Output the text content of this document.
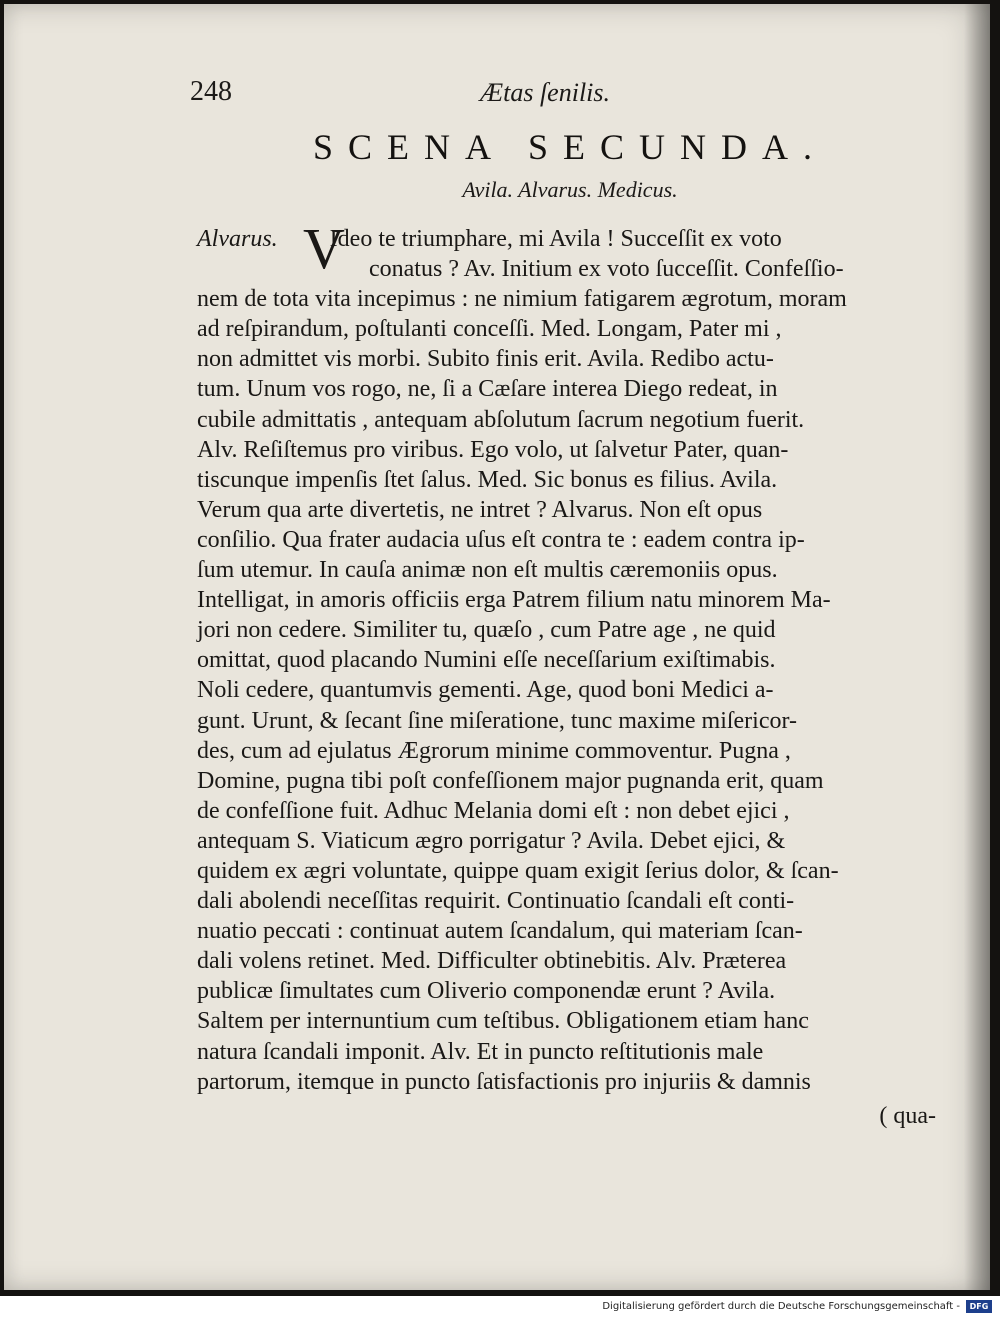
248	Ætas ſenilis.
SCENA SECUNDA.
Avila. Alvarus. Medicus.
V
Alvarus.	Ideo te triumphare, mi Avila ! Succeſſit ex voto
conatus ? Av. Initium ex voto ſucceſſit. Confeſſio-
nem de tota vita incepimus : ne nimium fatigarem ægrotum, moram
ad reſpirandum, poſtulanti conceſſi. Med. Longam, Pater mi ,
non admittet vis morbi. Subito finis erit. Avila. Redibo actu-
tum. Unum vos rogo, ne, ſi a Cæſare interea Diego redeat, in
cubile admittatis , antequam abſolutum ſacrum negotium fuerit.
Alv. Reſiſtemus pro viribus. Ego volo, ut ſalvetur Pater, quan-
tiscunque impenſis ſtet ſalus. Med. Sic bonus es filius. Avila.
Verum qua arte divertetis, ne intret ? Alvarus. Non eſt opus
conſilio. Qua frater audacia uſus eſt contra te : eadem contra ip-
ſum utemur. In cauſa animæ non eſt multis cæremoniis opus.
Intelligat, in amoris officiis erga Patrem filium natu minorem Ma-
jori non cedere. Similiter tu, quæſo , cum Patre age , ne quid
omittat, quod placando Numini eſſe neceſſarium exiſtimabis.
Noli cedere, quantumvis gementi. Age, quod boni Medici a-
gunt. Urunt, & ſecant ſine miſeratione, tunc maxime miſericor-
des, cum ad ejulatus Ægrorum minime commoventur. Pugna ,
Domine, pugna tibi poſt confeſſionem major pugnanda erit, quam
de confeſſione fuit. Adhuc Melania domi eſt : non debet ejici ,
antequam S. Viaticum ægro porrigatur ? Avila. Debet ejici, &
quidem ex ægri voluntate, quippe quam exigit ſerius dolor, & ſcan-
dali abolendi neceſſitas requirit. Continuatio ſcandali eſt conti-
nuatio peccati : continuat autem ſcandalum, qui materiam ſcan-
dali volens retinet. Med. Difficulter obtinebitis. Alv. Præterea
publicæ ſimultates cum Oliverio componendæ erunt ? Avila.
Saltem per internuntium cum teſtibus. Obligationem etiam hanc
natura ſcandali imponit. Alv. Et in puncto reſtitutionis male
partorum, itemque in puncto ſatisfactionis pro injuriis & damnis
( qua-
Digitalisierung gefördert durch die Deutsche Forschungsgemeinschaft -	DFG
